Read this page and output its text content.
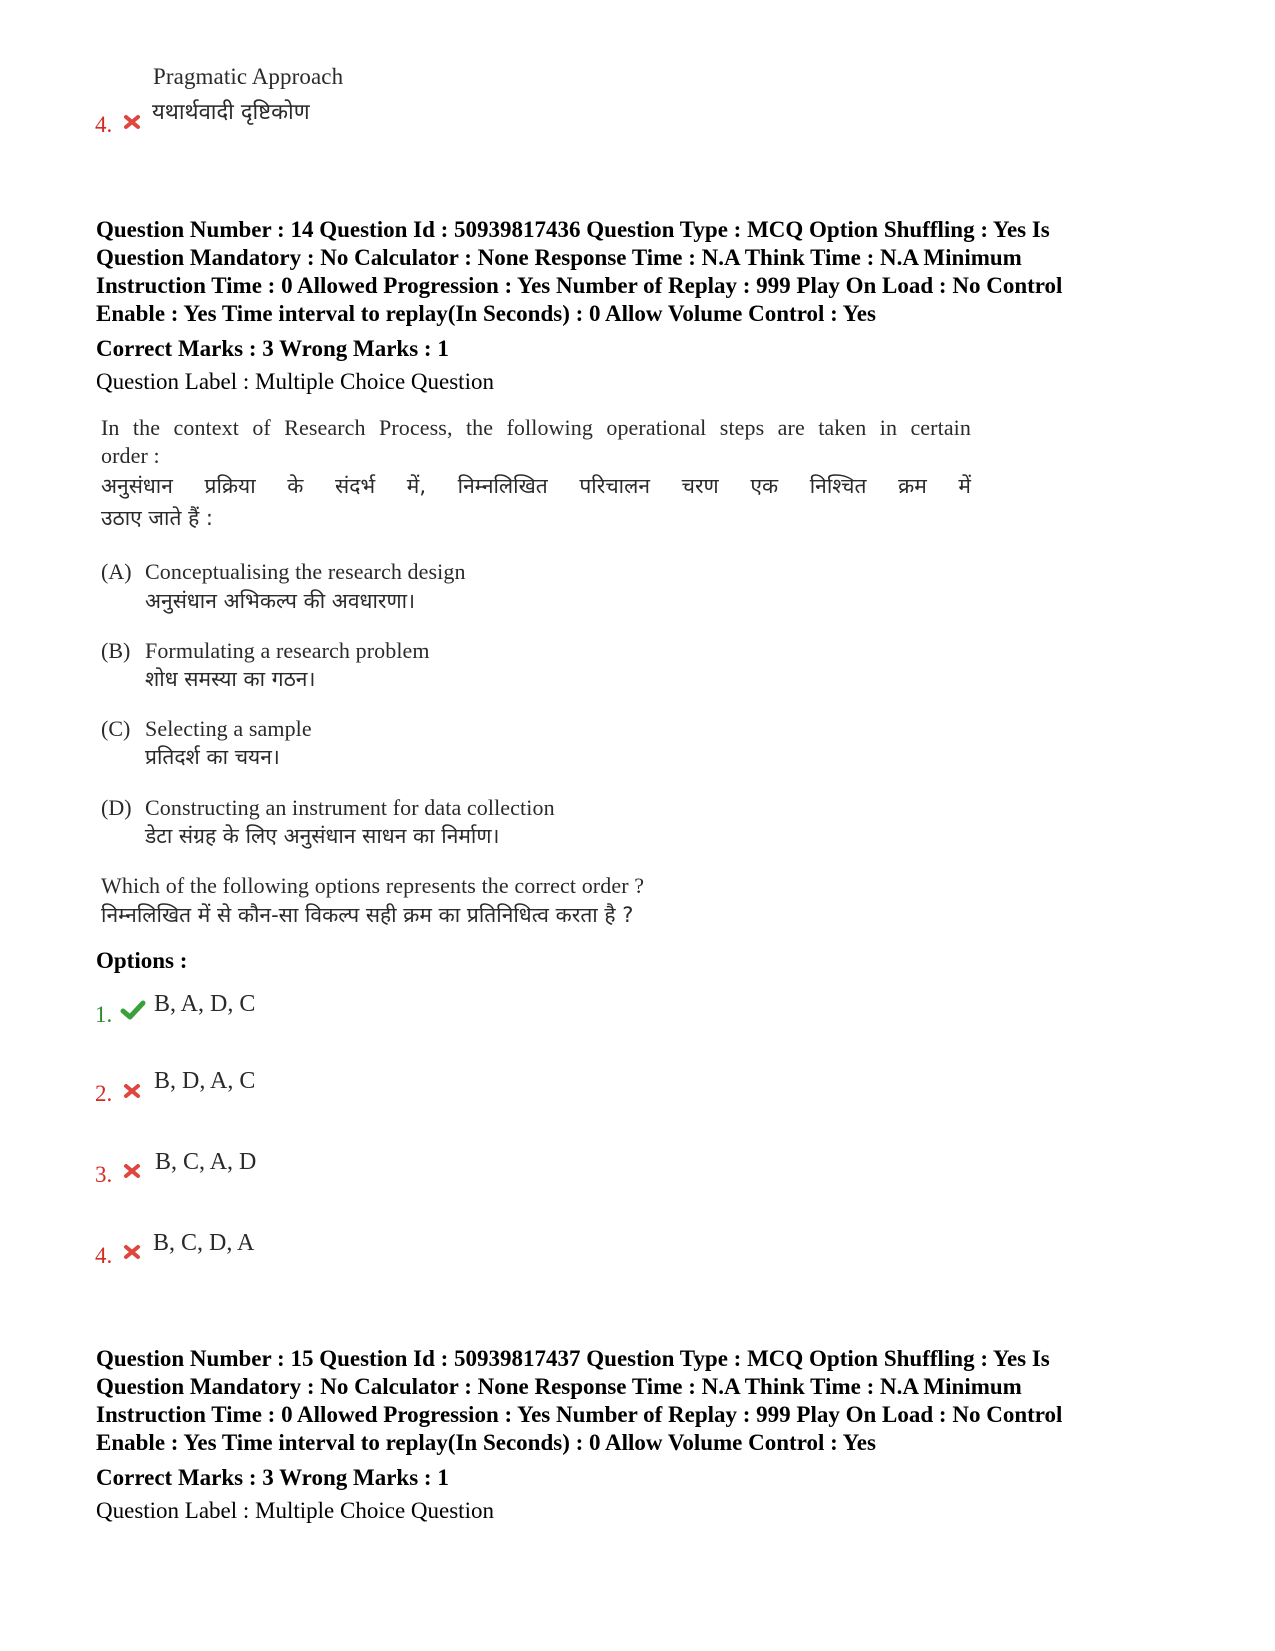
Pragmatic Approach
यथार्थवादी दृष्टिकोण
4.
Question Number : 14 Question Id : 50939817436 Question Type : MCQ Option Shuffling : Yes Is
Question Mandatory : No Calculator : None Response Time : N.A Think Time : N.A Minimum
Instruction Time : 0 Allowed Progression : Yes Number of Replay : 999 Play On Load : No Control
Enable : Yes Time interval to replay(In Seconds) : 0 Allow Volume Control : Yes
Correct Marks : 3 Wrong Marks : 1
Question Label : Multiple Choice Question
In the context of Research Process, the following operational steps are taken in certain
order :
अनुसंधान प्रक्रिया के संदर्भ में, निम्नलिखित परिचालन चरण एक निश्चित क्रम में
उठाए जाते हैं :
(A) Conceptualising the research design
अनुसंधान अभिकल्प की अवधारणा।
(B) Formulating a research problem
शोध समस्या का गठन।
(C) Selecting a sample
प्रतिदर्श का चयन।
(D) Constructing an instrument for data collection
डेटा संग्रह के लिए अनुसंधान साधन का निर्माण।
Which of the following options represents the correct order ?
निम्नलिखित में से कौन-सा विकल्प सही क्रम का प्रतिनिधित्व करता है ?
Options :
1. B, A, D, C
2. B, D, A, C
3. B, C, A, D
4. B, C, D, A
Question Number : 15 Question Id : 50939817437 Question Type : MCQ Option Shuffling : Yes Is
Question Mandatory : No Calculator : None Response Time : N.A Think Time : N.A Minimum
Instruction Time : 0 Allowed Progression : Yes Number of Replay : 999 Play On Load : No Control
Enable : Yes Time interval to replay(In Seconds) : 0 Allow Volume Control : Yes
Correct Marks : 3 Wrong Marks : 1
Question Label : Multiple Choice Question
